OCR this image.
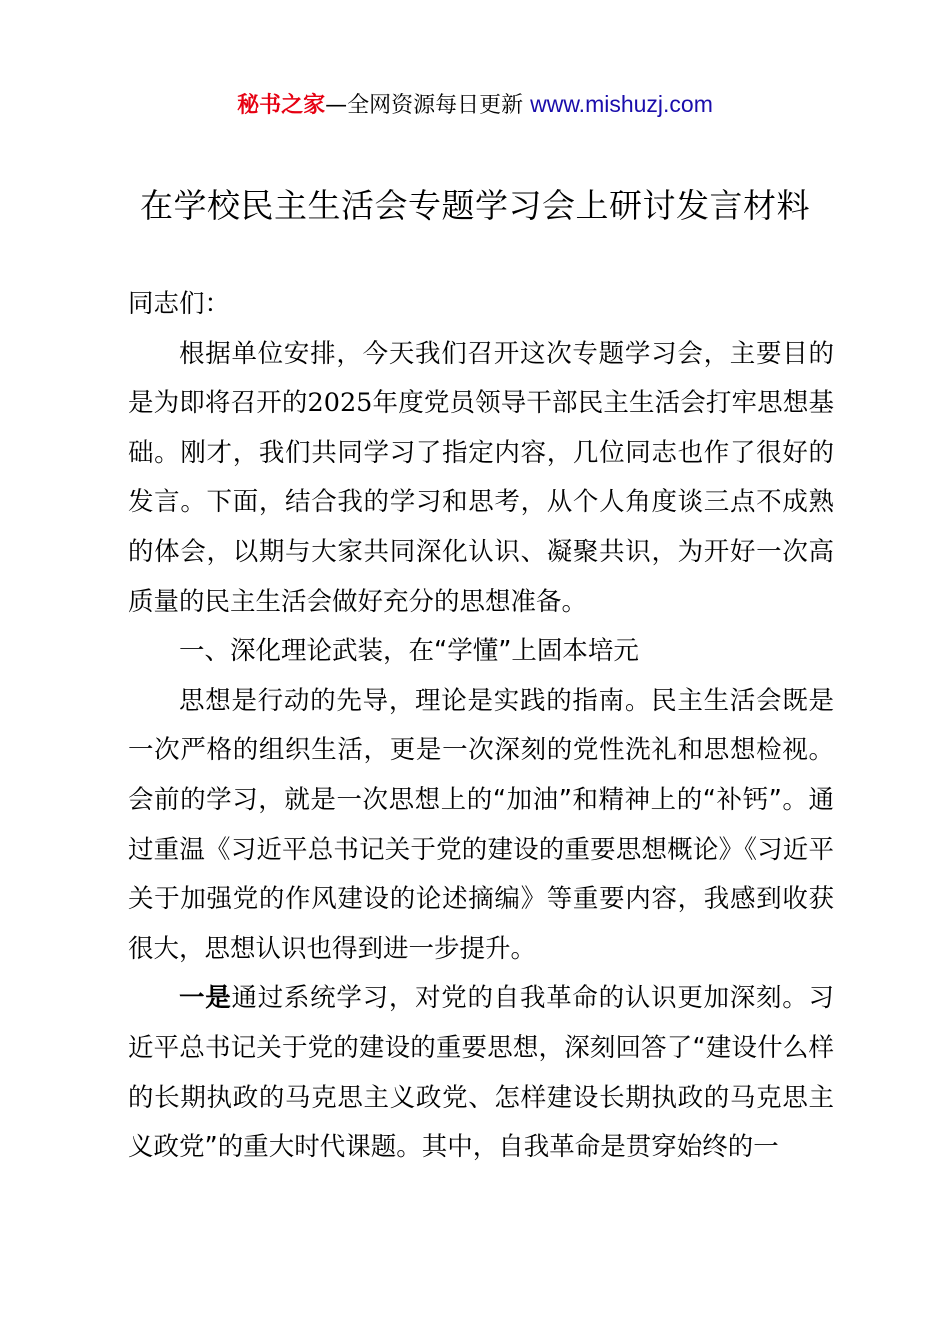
秘书之家—全网资源每日更新 www.mishuzj.com
在学校民主生活会专题学习会上研讨发言材料

同志们：

根据单位安排，今天我们召开这次专题学习会，主要目的是为即将召开的2025年度党员领导干部民主生活会打牢思想基础。刚才，我们共同学习了指定内容，几位同志也作了很好的发言。下面，结合我的学习和思考，从个人角度谈三点不成熟的体会，以期与大家共同深化认识、凝聚共识，为开好一次高质量的民主生活会做好充分的思想准备。

一、深化理论武装，在“学懂”上固本培元

思想是行动的先导，理论是实践的指南。民主生活会既是一次严格的组织生活，更是一次深刻的党性洗礼和思想检视。会前的学习，就是一次思想上的“加油”和精神上的“补钙”。通过重温《习近平总书记关于党的建设的重要思想概论》《习近平关于加强党的作风建设的论述摘编》等重要内容，我感到收获很大，思想认识也得到进一步提升。

一是通过系统学习，对党的自我革命的认识更加深刻。习近平总书记关于党的建设的重要思想，深刻回答了“建设什么样的长期执政的马克思主义政党、怎样建设长期执政的马克思主义政党”的重大时代课题。其中，自我革命是贯穿始终的一
